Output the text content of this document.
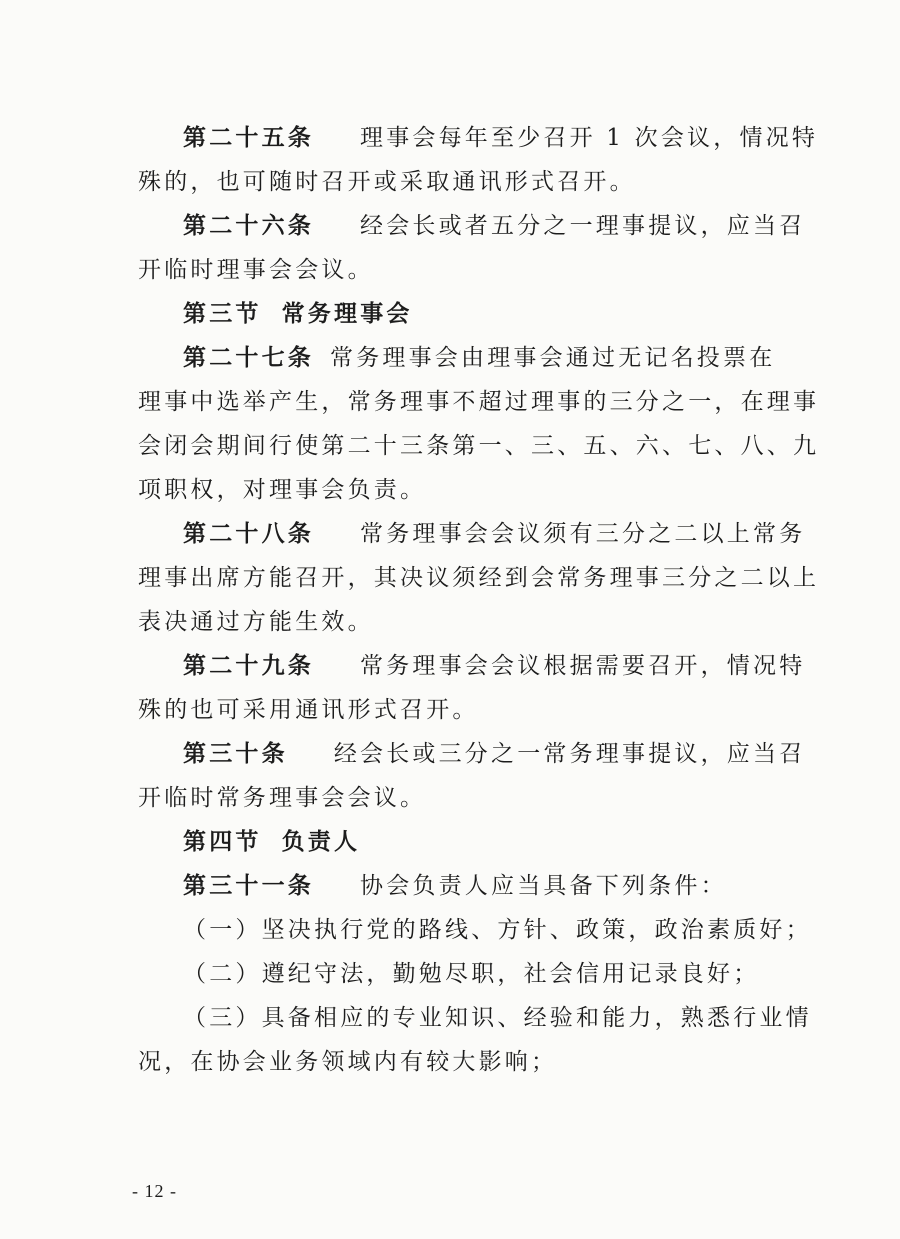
第二十五条 理事会每年至少召开 1 次会议，情况特
殊的，也可随时召开或采取通讯形式召开。
第二十六条 经会长或者五分之一理事提议，应当召
开临时理事会会议。
第三节 常务理事会
第二十七条 常务理事会由理事会通过无记名投票在
理事中选举产生，常务理事不超过理事的三分之一，在理事
会闭会期间行使第二十三条第一、三、五、六、七、八、九
项职权，对理事会负责。
第二十八条 常务理事会会议须有三分之二以上常务
理事出席方能召开，其决议须经到会常务理事三分之二以上
表决通过方能生效。
第二十九条 常务理事会会议根据需要召开，情况特
殊的也可采用通讯形式召开。
第三十条 经会长或三分之一常务理事提议，应当召
开临时常务理事会会议。
第四节 负责人
第三十一条 协会负责人应当具备下列条件：
（一）坚决执行党的路线、方针、政策，政治素质好；
（二）遵纪守法，勤勉尽职，社会信用记录良好；
（三）具备相应的专业知识、经验和能力，熟悉行业情
况，在协会业务领域内有较大影响；
- 12 -
